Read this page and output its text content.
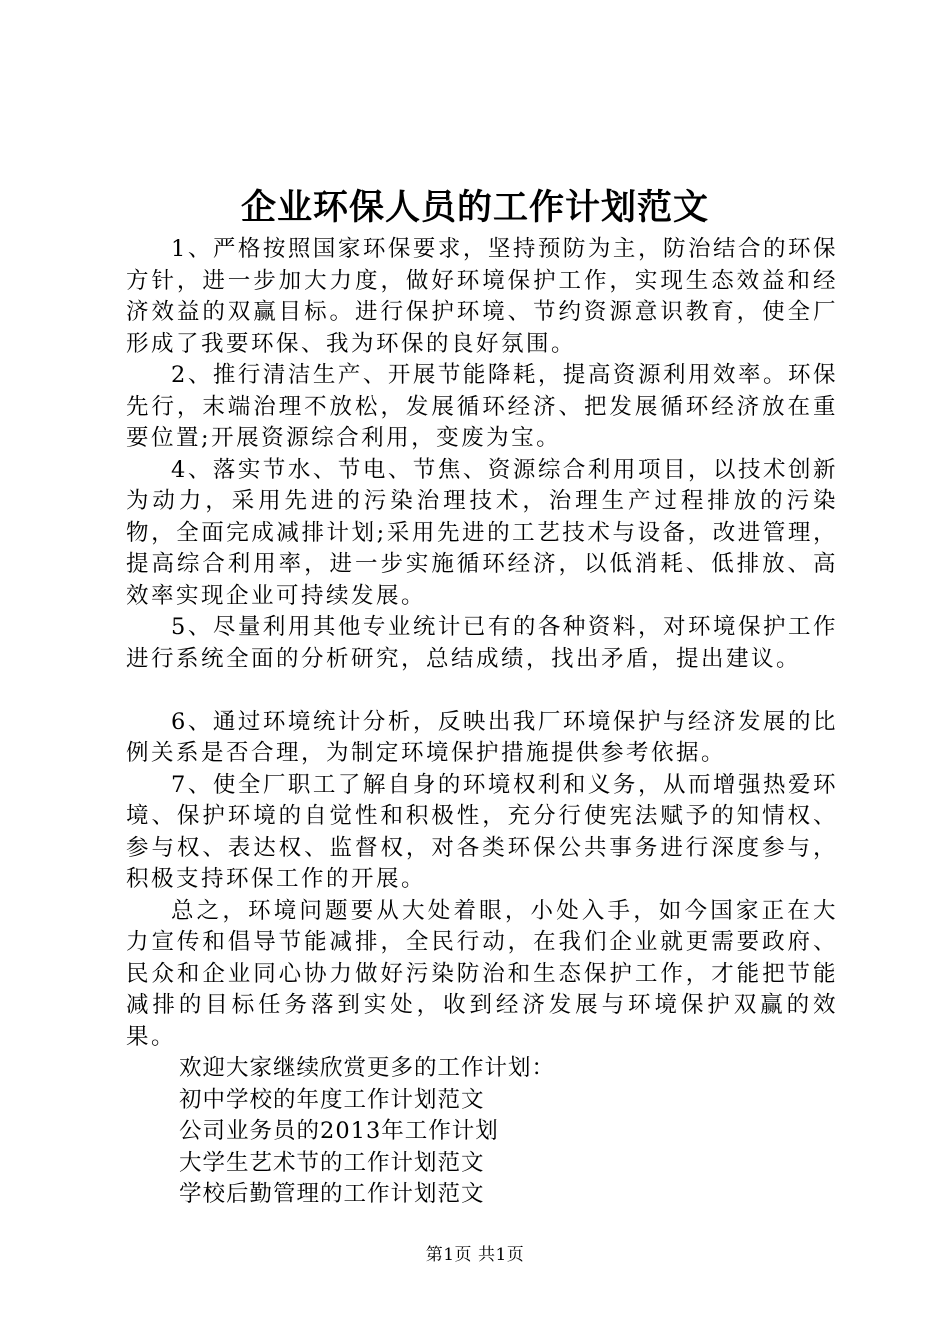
企业环保人员的工作计划范文

1、严格按照国家环保要求，坚持预防为主，防治结合的环保方针，进一步加大力度，做好环境保护工作，实现生态效益和经济效益的双赢目标。进行保护环境、节约资源意识教育，使全厂形成了我要环保、我为环保的良好氛围。

2、推行清洁生产、开展节能降耗，提高资源利用效率。环保先行，末端治理不放松，发展循环经济、把发展循环经济放在重要位置;开展资源综合利用，变废为宝。

4、落实节水、节电、节焦、资源综合利用项目，以技术创新为动力，采用先进的污染治理技术，治理生产过程排放的污染物，全面完成减排计划;采用先进的工艺技术与设备，改进管理，提高综合利用率，进一步实施循环经济，以低消耗、低排放、高效率实现企业可持续发展。

5、尽量利用其他专业统计已有的各种资料，对环境保护工作进行系统全面的分析研究，总结成绩，找出矛盾，提出建议。

6、通过环境统计分析，反映出我厂环境保护与经济发展的比例关系是否合理，为制定环境保护措施提供参考依据。

7、使全厂职工了解自身的环境权利和义务，从而增强热爱环境、保护环境的自觉性和积极性，充分行使宪法赋予的知情权、参与权、表达权、监督权，对各类环保公共事务进行深度参与，积极支持环保工作的开展。

总之，环境问题要从大处着眼，小处入手，如今国家正在大力宣传和倡导节能减排，全民行动，在我们企业就更需要政府、民众和企业同心协力做好污染防治和生态保护工作，才能把节能减排的目标任务落到实处，收到经济发展与环境保护双赢的效果。

欢迎大家继续欣赏更多的工作计划：

初中学校的年度工作计划范文

公司业务员的2013年工作计划

大学生艺术节的工作计划范文

学校后勤管理的工作计划范文

第1页 共1页
